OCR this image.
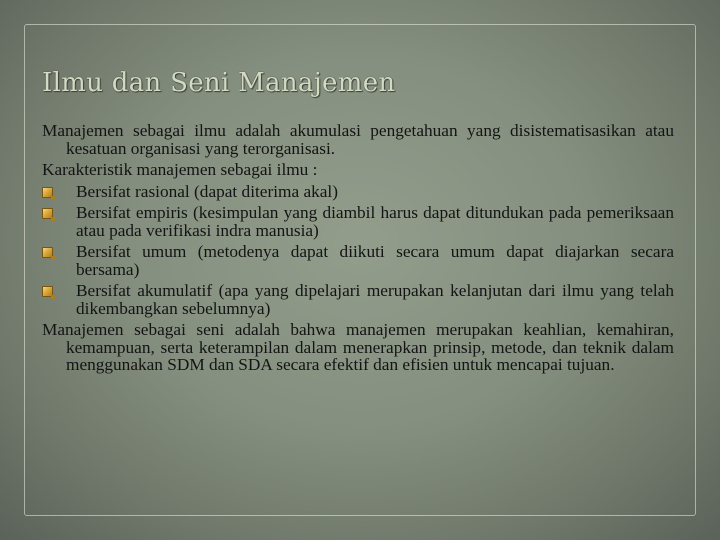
Ilmu dan Seni Manajemen

Manajemen sebagai ilmu adalah akumulasi pengetahuan yang disistematisasikan atau kesatuan organisasi yang terorganisasi.

Karakteristik manajemen sebagai ilmu :

Bersifat rasional (dapat diterima akal)
Bersifat empiris (kesimpulan yang diambil harus dapat ditundukan pada pemeriksaan atau pada verifikasi indra manusia)
Bersifat umum (metodenya dapat diikuti secara umum dapat diajarkan secara bersama)
Bersifat akumulatif (apa yang dipelajari merupakan kelanjutan dari ilmu yang telah dikembangkan sebelumnya)

Manajemen sebagai seni adalah bahwa manajemen merupakan keahlian, kemahiran, kemampuan, serta keterampilan dalam menerapkan prinsip, metode, dan teknik dalam menggunakan SDM dan SDA secara efektif dan efisien untuk mencapai tujuan.
